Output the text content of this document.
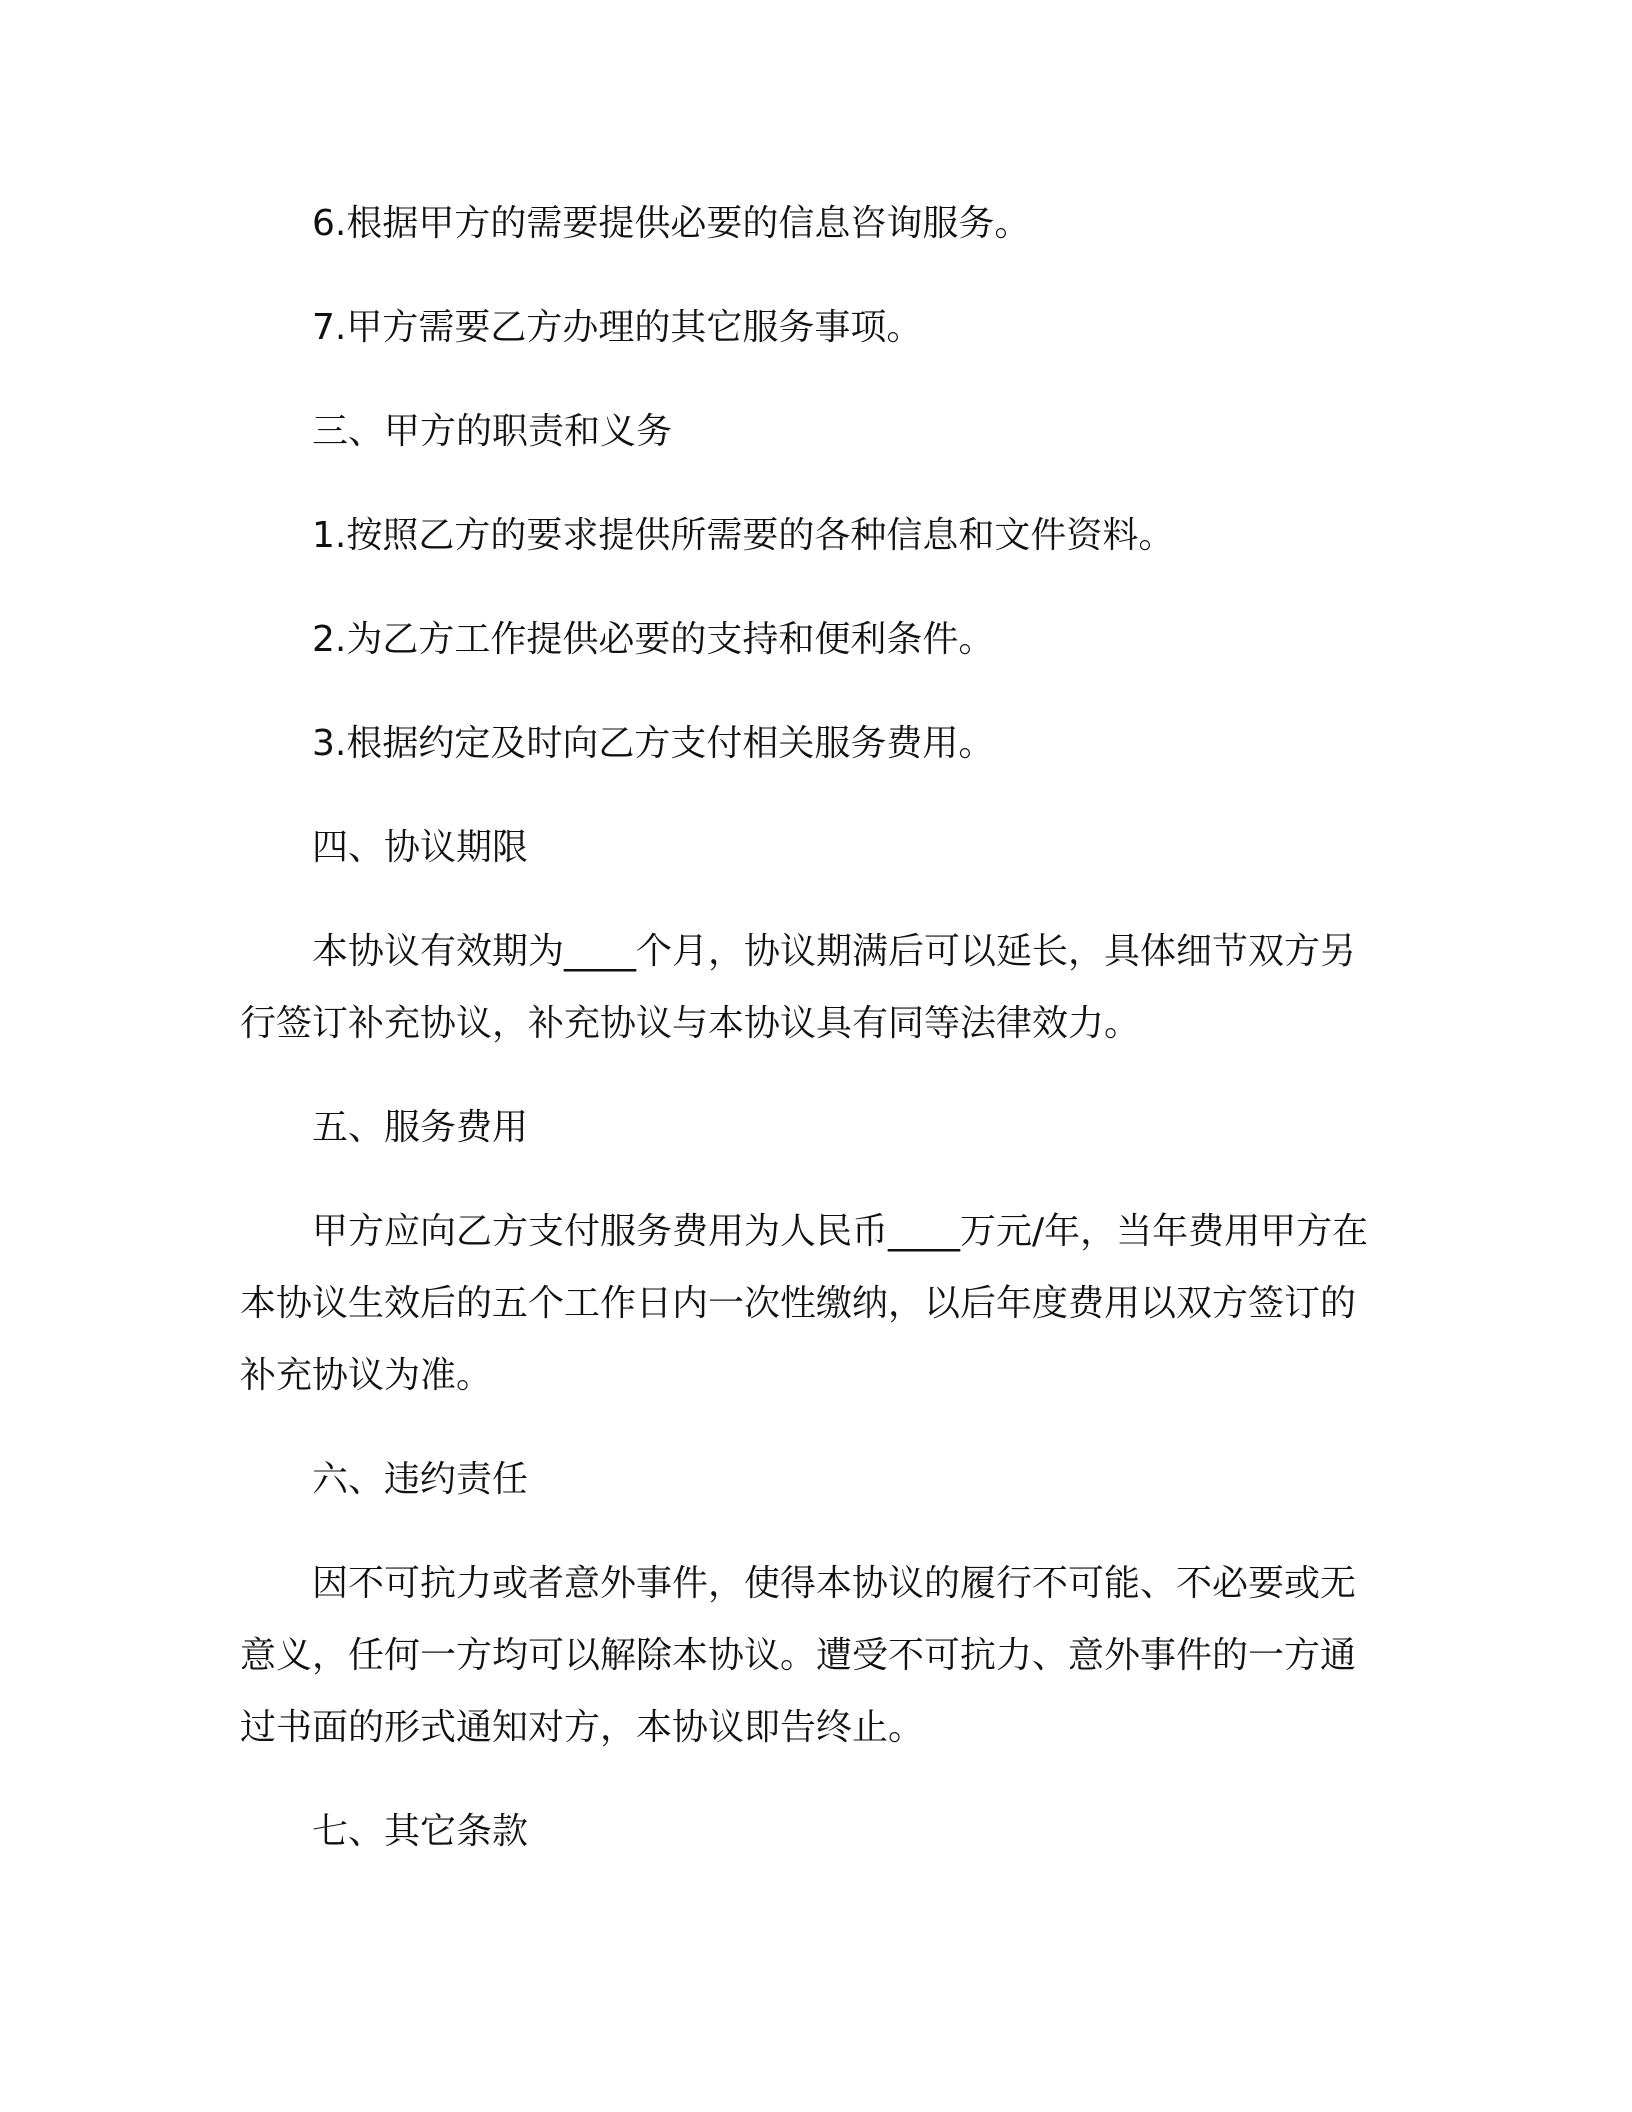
6.根据甲方的需要提供必要的信息咨询服务。

7.甲方需要乙方办理的其它服务事项。

三、甲方的职责和义务

1.按照乙方的要求提供所需要的各种信息和文件资料。

2.为乙方工作提供必要的支持和便利条件。

3.根据约定及时向乙方支付相关服务费用。

四、协议期限

本协议有效期为____个月，协议期满后可以延长，具体细节双方另行签订补充协议，补充协议与本协议具有同等法律效力。

五、服务费用

甲方应向乙方支付服务费用为人民币____万元/年，当年费用甲方在本协议生效后的五个工作日内一次性缴纳，以后年度费用以双方签订的补充协议为准。

六、违约责任

因不可抗力或者意外事件，使得本协议的履行不可能、不必要或无意义，任何一方均可以解除本协议。遭受不可抗力、意外事件的一方通过书面的形式通知对方，本协议即告终止。

七、其它条款
